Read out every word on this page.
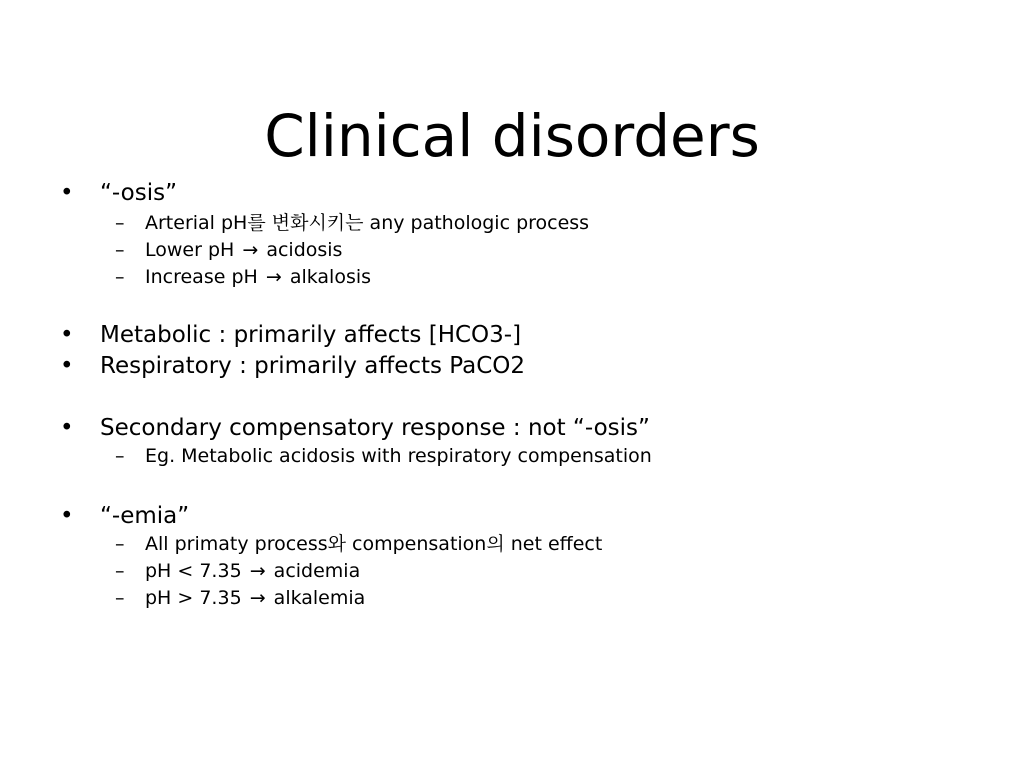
Clinical disorders
• “-osis”
– Arterial pH를 변화시키는 any pathologic process
– Lower pH → acidosis
– Increase pH → alkalosis
• Metabolic : primarily affects [HCO3-]
• Respiratory : primarily affects PaCO2
• Secondary compensatory response : not “-osis”
– Eg. Metabolic acidosis with respiratory compensation
• “-emia”
– All primaty process와 compensation의 net effect
– pH < 7.35 → acidemia
– pH > 7.35 → alkalemia
